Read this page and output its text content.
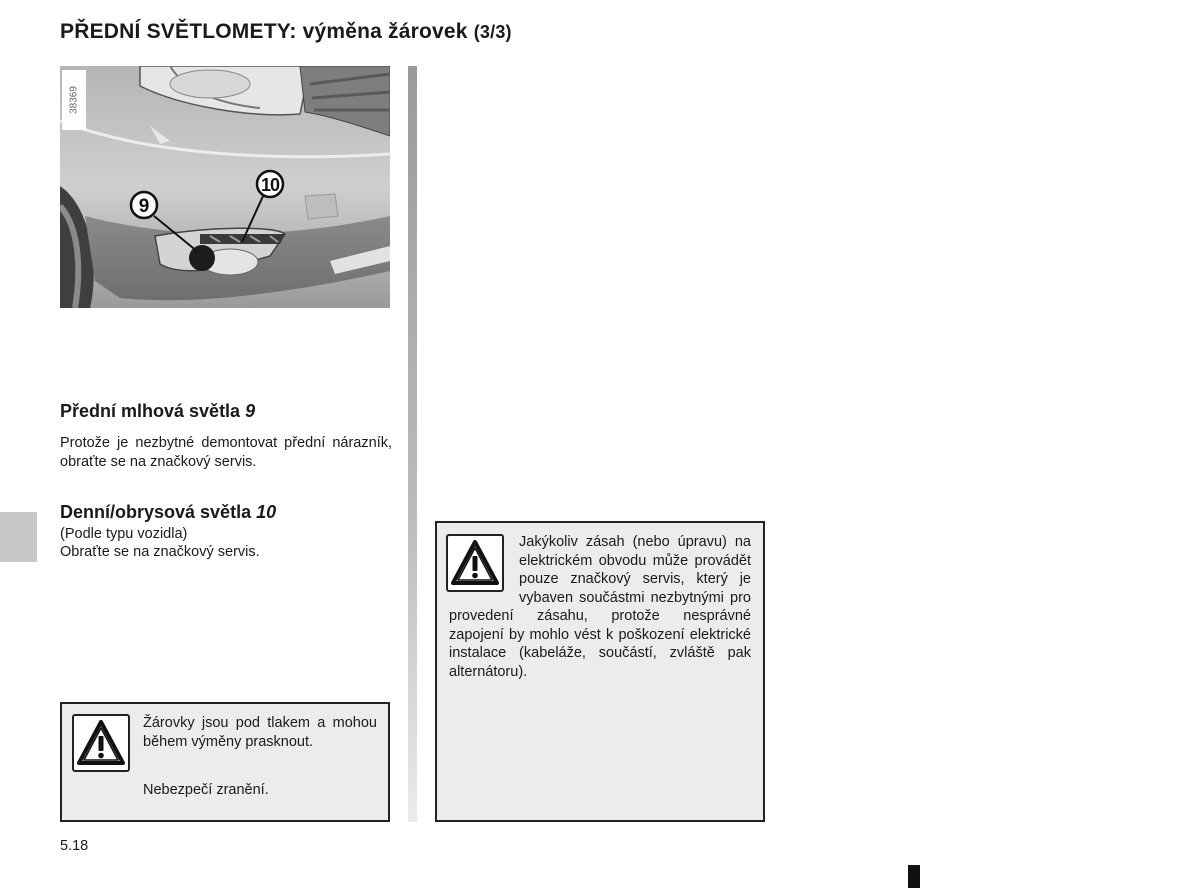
PŘEDNÍ SVĚTLOMETY: výměna žárovek (3/3)
9
10
38369
Přední mlhová světla 9
Protože je nezbytné demontovat přední nárazník, obraťte se na značkový servis.
Denní/obrysová světla 10
(Podle typu vozidla)
Obraťte se na značkový servis.
Žárovky jsou pod tlakem a mohou během výměny prasknout.
Nebezpečí zranění.
Jakýkoliv zásah (nebo úpravu) na elektrickém obvodu může provádět pouze značkový servis, který je vybaven součástmi nezbytnými pro provedení zásahu, protože nesprávné zapojení by mohlo vést k poškození elektrické instalace (kabeláže, součástí, zvláště pak alternátoru).
5.18
